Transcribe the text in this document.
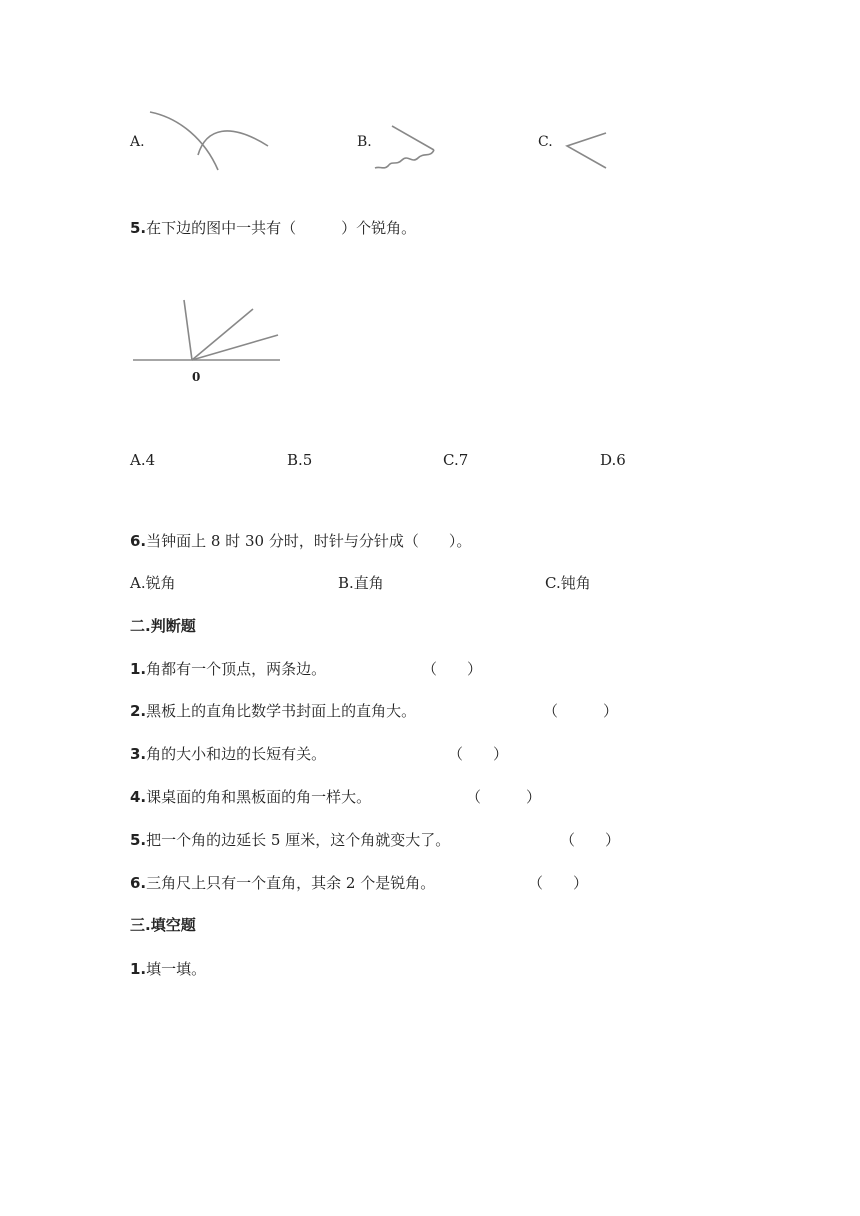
A.	B.	C.
5.在下边的图中一共有（　　　）个锐角。
0
A.4	B.5	C.7	D.6
6.当钟面上 8 时 30 分时，时针与分针成（　　）。
A.锐角	B.直角	C.钝角
二.判断题
1.角都有一个顶点，两条边。	（　　）
2.黑板上的直角比数学书封面上的直角大。	（　　　）
3.角的大小和边的长短有关。	（　　）
4.课桌面的角和黑板面的角一样大。	（　　　）
5.把一个角的边延长 5 厘米，这个角就变大了。	（　　）
6.三角尺上只有一个直角，其余 2 个是锐角。	（　　）
三.填空题
1.填一填。
